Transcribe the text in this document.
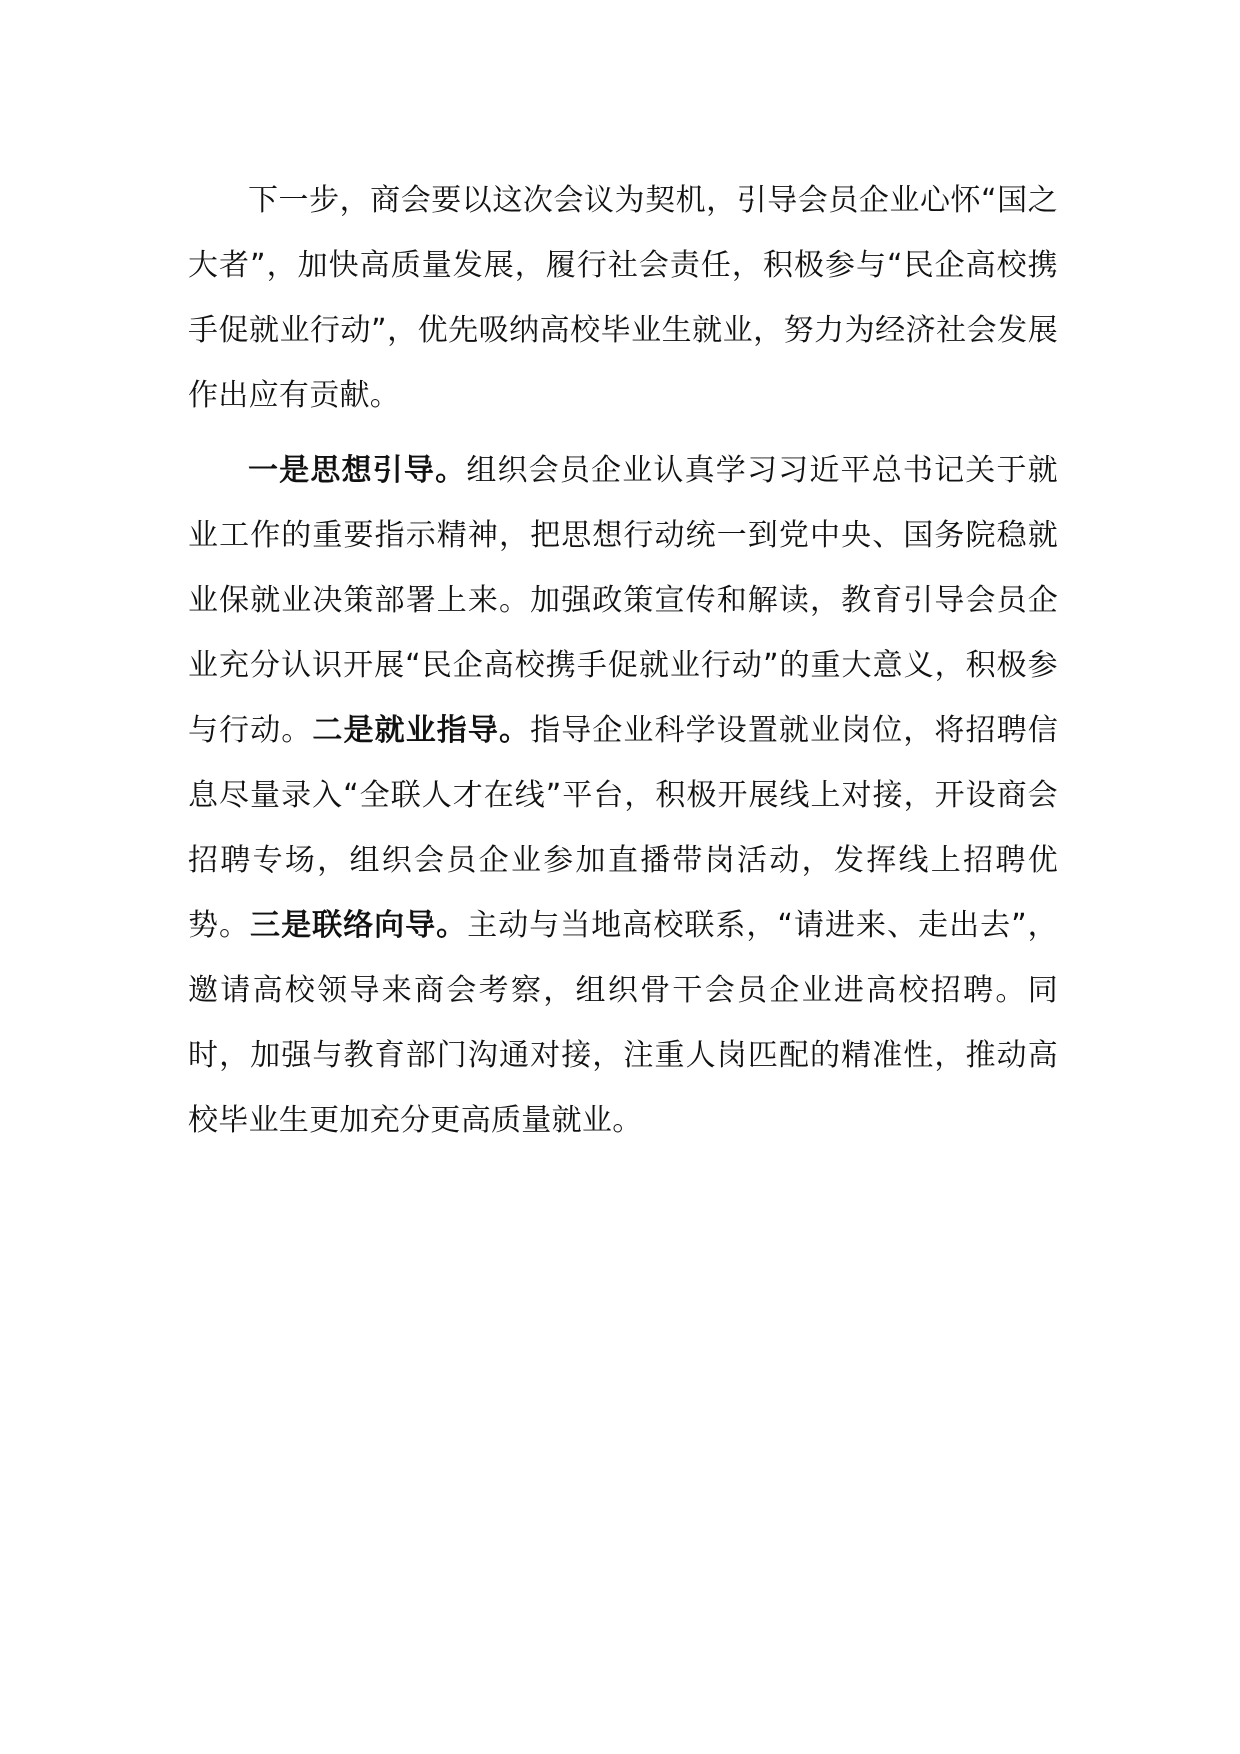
下一步，商会要以这次会议为契机，引导会员企业心怀“国之大者”，加快高质量发展，履行社会责任，积极参与“民企高校携手促就业行动”，优先吸纳高校毕业生就业，努力为经济社会发展作出应有贡献。

一是思想引导。组织会员企业认真学习习近平总书记关于就业工作的重要指示精神，把思想行动统一到党中央、国务院稳就业保就业决策部署上来。加强政策宣传和解读，教育引导会员企业充分认识开展“民企高校携手促就业行动”的重大意义，积极参与行动。二是就业指导。指导企业科学设置就业岗位，将招聘信息尽量录入“全联人才在线”平台，积极开展线上对接，开设商会招聘专场，组织会员企业参加直播带岗活动，发挥线上招聘优势。三是联络向导。主动与当地高校联系，“请进来、走出去”，邀请高校领导来商会考察，组织骨干会员企业进高校招聘。同时，加强与教育部门沟通对接，注重人岗匹配的精准性，推动高校毕业生更加充分更高质量就业。
